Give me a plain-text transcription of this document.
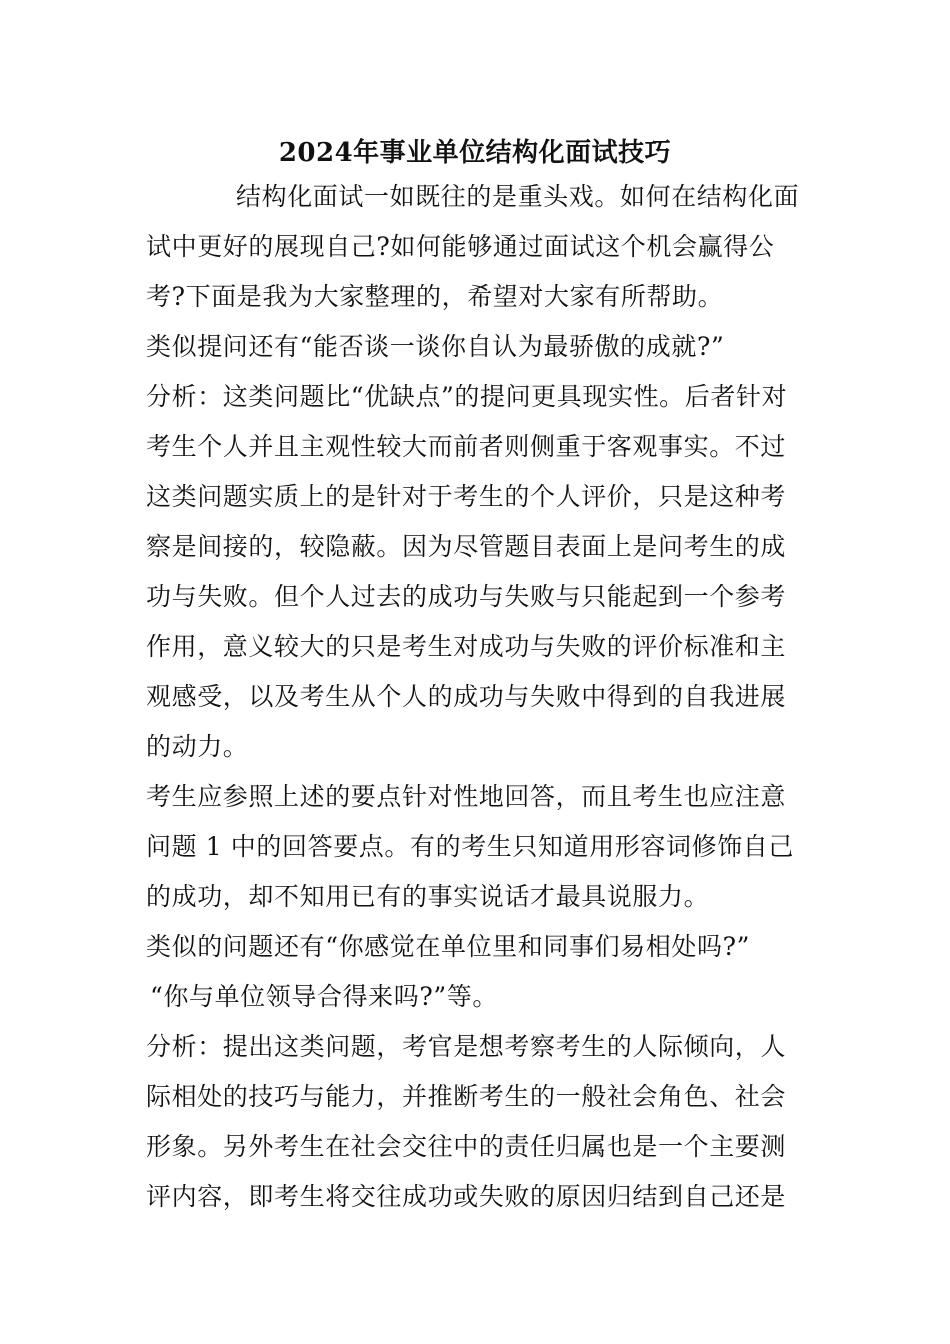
2024年事业单位结构化面试技巧
结构化面试一如既往的是重头戏。如何在结构化面
试中更好的展现自己?如何能够通过面试这个机会赢得公
考?下面是我为大家整理的，希望对大家有所帮助。
类似提问还有“能否谈一谈你自认为最骄傲的成就?”
分析：这类问题比“优缺点”的提问更具现实性。后者针对
考生个人并且主观性较大而前者则侧重于客观事实。不过
这类问题实质上的是针对于考生的个人评价，只是这种考
察是间接的，较隐蔽。因为尽管题目表面上是问考生的成
功与失败。但个人过去的成功与失败与只能起到一个参考
作用，意义较大的只是考生对成功与失败的评价标准和主
观感受，以及考生从个人的成功与失败中得到的自我进展
的动力。
考生应参照上述的要点针对性地回答，而且考生也应注意
问题 1 中的回答要点。有的考生只知道用形容词修饰自己
的成功，却不知用已有的事实说话才最具说服力。
类似的问题还有“你感觉在单位里和同事们易相处吗?”
“你与单位领导合得来吗?”等。
分析：提出这类问题，考官是想考察考生的人际倾向，人
际相处的技巧与能力，并推断考生的一般社会角色、社会
形象。另外考生在社会交往中的责任归属也是一个主要测
评内容，即考生将交往成功或失败的原因归结到自己还是
